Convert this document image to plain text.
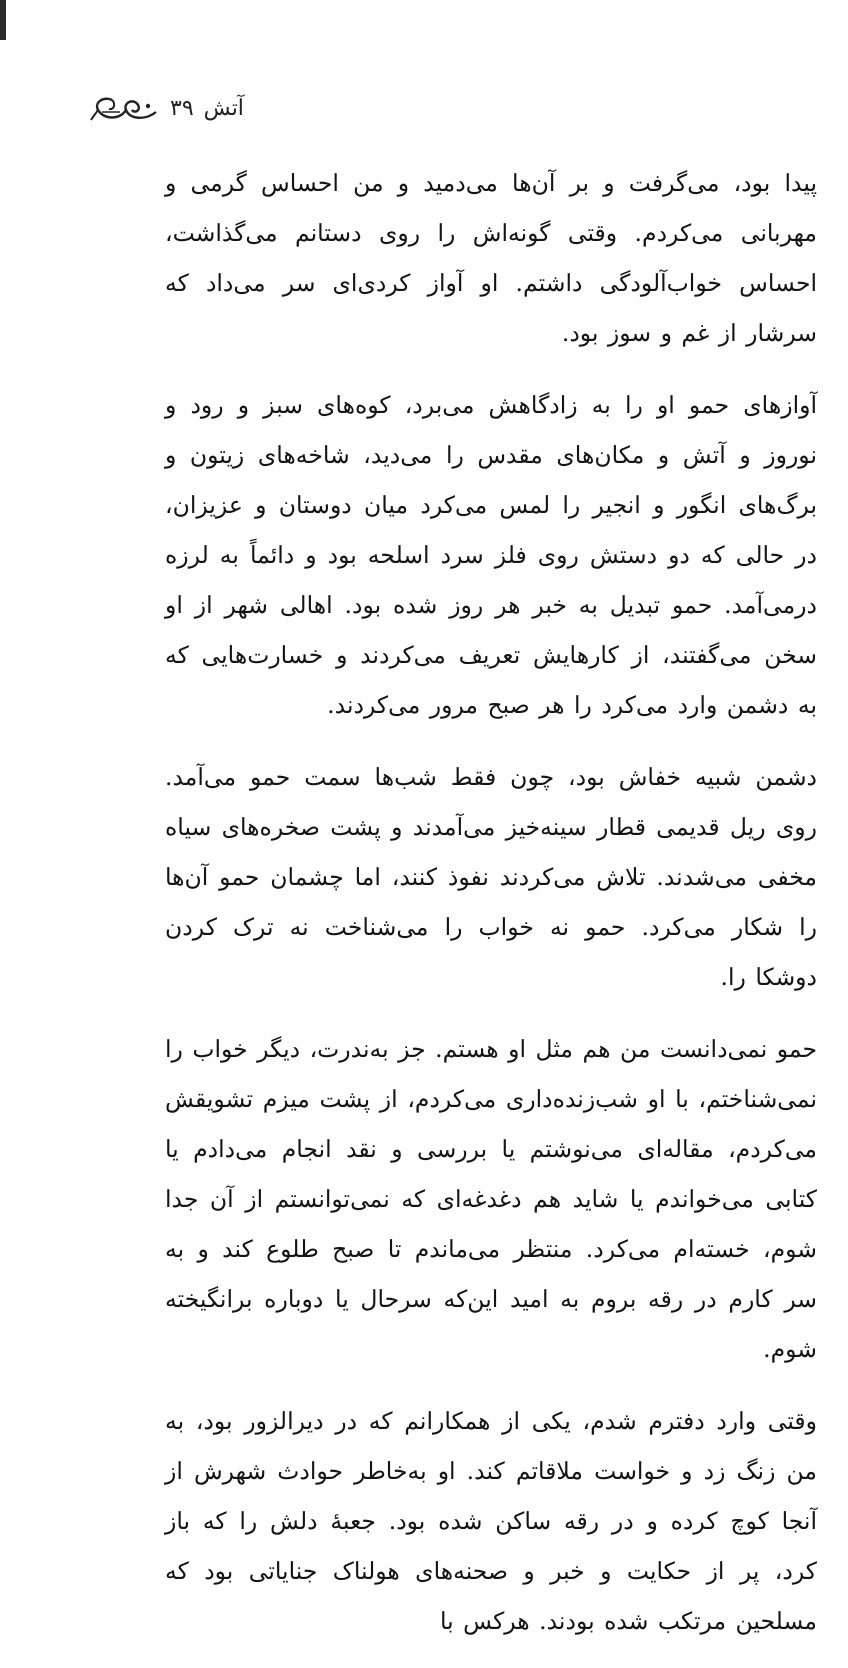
آتش
۳۹

پیدا بود، می‌گرفت و بر آن‌ها می‌دمید و من احساس گرمی و مهربانی می‌کردم. وقتی گونه‌اش را روی دستانم می‌گذاشت، احساس خواب‌آلودگی داشتم. او آواز کردی‌ای سر می‌داد که سرشار از غم و سوز بود.

آوازهای حمو او را به زادگاهش می‌برد، کوه‌های سبز و رود و نوروز و آتش و مکان‌های مقدس را می‌دید، شاخه‌های زیتون و برگ‌های انگور و انجیر را لمس می‌کرد میان دوستان و عزیزان، در حالی که دو دستش روی فلز سرد اسلحه بود و دائماً به لرزه درمی‌آمد. حمو تبدیل به خبر هر روز شده بود. اهالی شهر از او سخن می‌گفتند، از کارهایش تعریف می‌کردند و خسارت‌هایی که به دشمن وارد می‌کرد را هر صبح مرور می‌کردند.

دشمن شبیه خفاش بود، چون فقط شب‌ها سمت حمو می‌آمد. روی ریل قدیمی قطار سینه‌خیز می‌آمدند و پشت صخره‌های سیاه مخفی می‌شدند. تلاش می‌کردند نفوذ کنند، اما چشمان حمو آن‌ها را شکار می‌کرد. حمو نه خواب را می‌شناخت نه ترک کردن دوشکا را.

حمو نمی‌دانست من هم مثل او هستم. جز به‌ندرت، دیگر خواب را نمی‌شناختم، با او شب‌زنده‌داری می‌کردم، از پشت میزم تشویقش می‌کردم، مقاله‌ای می‌نوشتم یا بررسی و نقد انجام می‌دادم یا کتابی می‌خواندم یا شاید هم دغدغه‌ای که نمی‌توانستم از آن جدا شوم، خسته‌ام می‌کرد. منتظر می‌ماندم تا صبح طلوع کند و به سر کارم در رقه بروم به امید این‌که سرحال یا دوباره برانگیخته شوم.

وقتی وارد دفترم شدم، یکی از همکارانم که در دیرالزور بود، به من زنگ زد و خواست ملاقاتم کند. او به‌خاطر حوادث شهرش از آنجا کوچ کرده و در رقه ساکن شده بود. جعبهٔ دلش را که باز کرد، پر از حکایت و خبر و صحنه‌های هولناک جنایاتی بود که مسلحین مرتکب شده بودند. هرکس با
